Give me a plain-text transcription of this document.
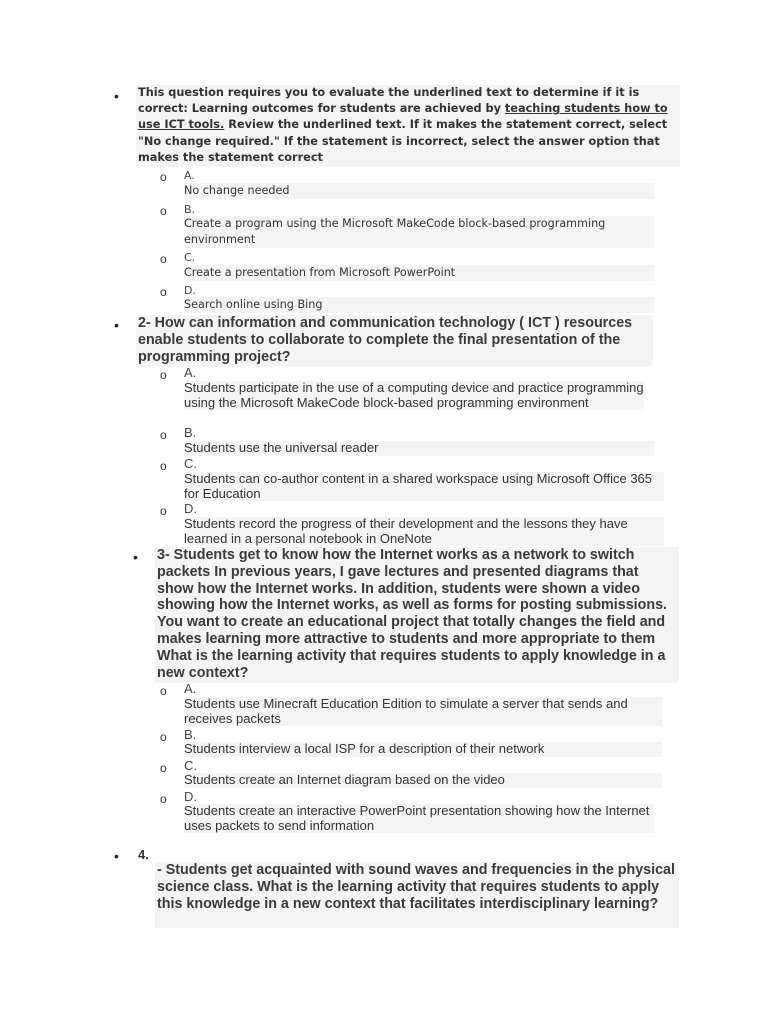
• This question requires you to evaluate the underlined text to determine if it is correct: Learning outcomes for students are achieved by teaching students how to use ICT tools. Review the underlined text. If it makes the statement correct, select "No change required." If the statement is incorrect, select the answer option that makes the statement correct
o A.
No change needed
o B.
Create a program using the Microsoft MakeCode block-based programming environment
o C.
Create a presentation from Microsoft PowerPoint
o D.
Search online using Bing
• 2- How can information and communication technology ( ICT ) resources enable students to collaborate to complete the final presentation of the programming project?
o A.
Students participate in the use of a computing device and practice programming using the Microsoft MakeCode block-based programming environment
o B.
Students use the universal reader
o C.
Students can co-author content in a shared workspace using Microsoft Office 365 for Education
o D.
Students record the progress of their development and the lessons they have learned in a personal notebook in OneNote
• 3- Students get to know how the Internet works as a network to switch packets In previous years, I gave lectures and presented diagrams that show how the Internet works. In addition, students were shown a video showing how the Internet works, as well as forms for posting submissions. You want to create an educational project that totally changes the field and makes learning more attractive to students and more appropriate to them What is the learning activity that requires students to apply knowledge in a new context?
o A.
Students use Minecraft Education Edition to simulate a server that sends and receives packets
o B.
Students interview a local ISP for a description of their network
o C.
Students create an Internet diagram based on the video
o D.
Students create an interactive PowerPoint presentation showing how the Internet uses packets to send information
• 4.
- Students get acquainted with sound waves and frequencies in the physical science class. What is the learning activity that requires students to apply this knowledge in a new context that facilitates interdisciplinary learning?
